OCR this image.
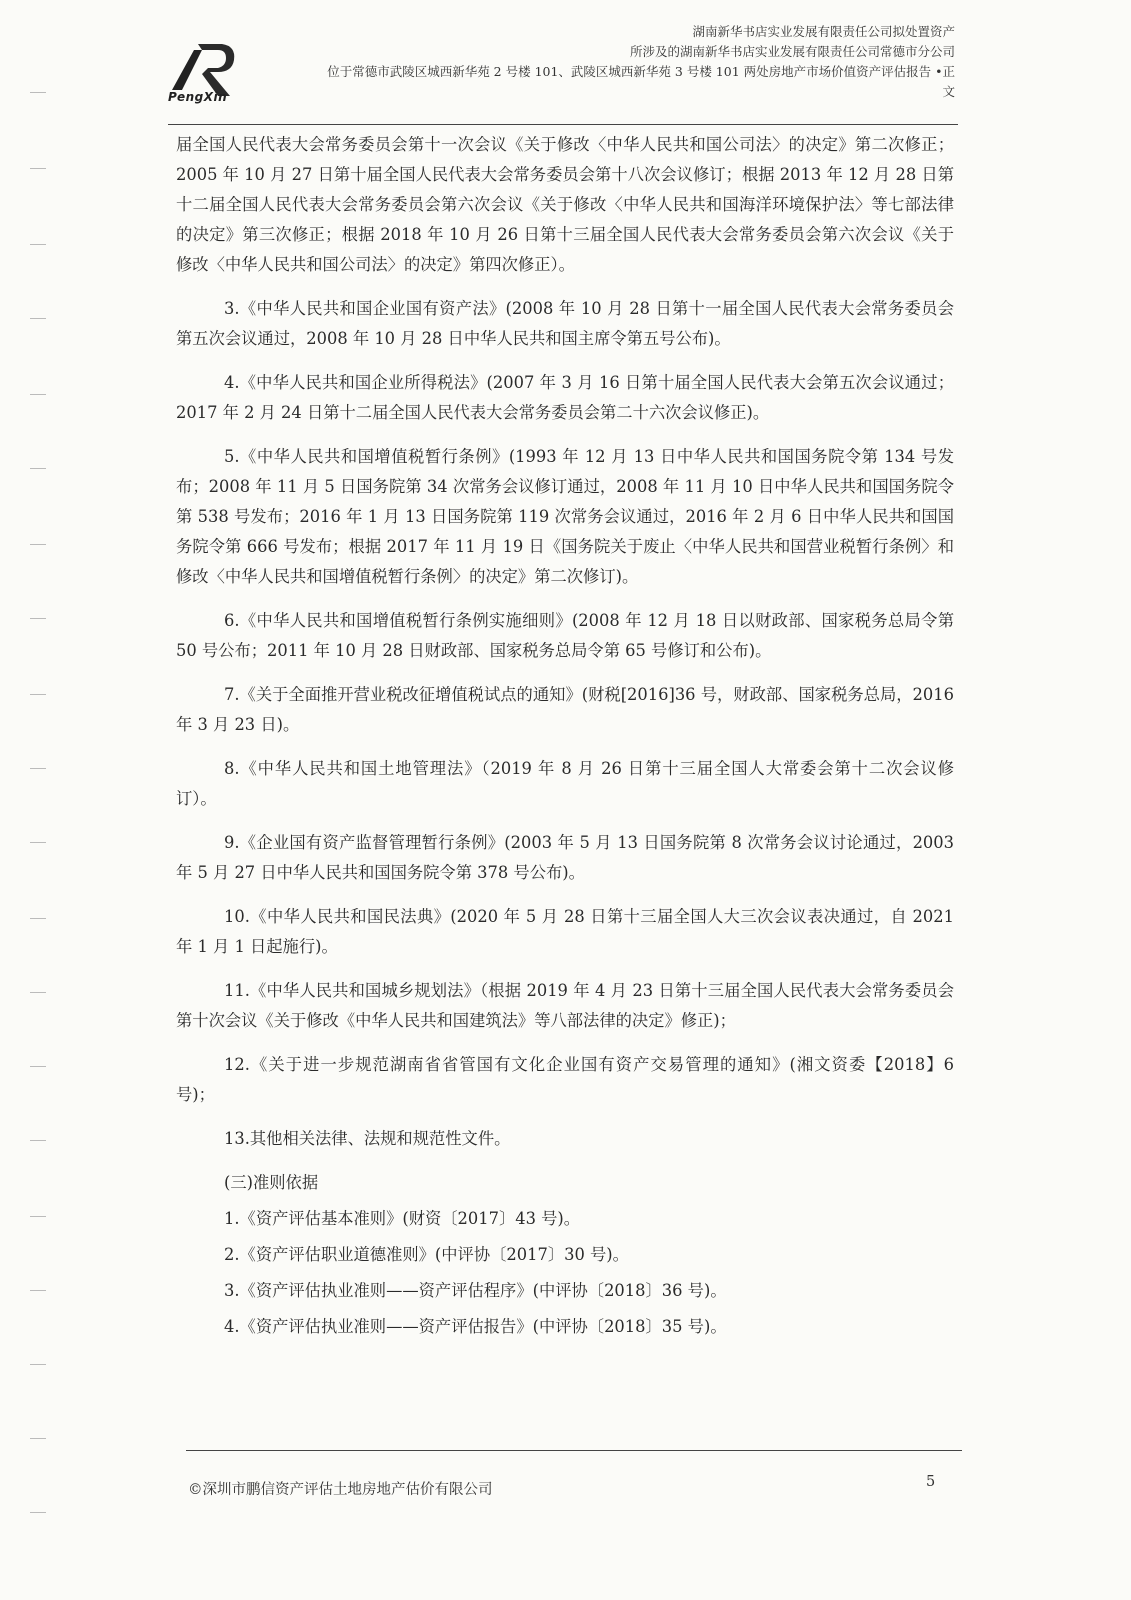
PengXin
湖南新华书店实业发展有限责任公司拟处置资产
所涉及的湖南新华书店实业发展有限责任公司常德市分公司
位于常德市武陵区城西新华苑 2 号楼 101、武陵区城西新华苑 3 号楼 101 两处房地产市场价值资产评估报告 •正
文

届全国人民代表大会常务委员会第十一次会议《关于修改〈中华人民共和国公司法〉的决定》第二次修正；2005 年 10 月 27 日第十届全国人民代表大会常务委员会第十八次会议修订；根据 2013 年 12 月 28 日第十二届全国人民代表大会常务委员会第六次会议《关于修改〈中华人民共和国海洋环境保护法〉等七部法律的决定》第三次修正；根据 2018 年 10 月 26 日第十三届全国人民代表大会常务委员会第六次会议《关于修改〈中华人民共和国公司法〉的决定》第四次修正）。

3.《中华人民共和国企业国有资产法》(2008 年 10 月 28 日第十一届全国人民代表大会常务委员会第五次会议通过，2008 年 10 月 28 日中华人民共和国主席令第五号公布)。

4.《中华人民共和国企业所得税法》(2007 年 3 月 16 日第十届全国人民代表大会第五次会议通过；2017 年 2 月 24 日第十二届全国人民代表大会常务委员会第二十六次会议修正)。

5.《中华人民共和国增值税暂行条例》(1993 年 12 月 13 日中华人民共和国国务院令第 134 号发布；2008 年 11 月 5 日国务院第 34 次常务会议修订通过，2008 年 11 月 10 日中华人民共和国国务院令第 538 号发布；2016 年 1 月 13 日国务院第 119 次常务会议通过，2016 年 2 月 6 日中华人民共和国国务院令第 666 号发布；根据 2017 年 11 月 19 日《国务院关于废止〈中华人民共和国营业税暂行条例〉和修改〈中华人民共和国增值税暂行条例〉的决定》第二次修订)。

6.《中华人民共和国增值税暂行条例实施细则》(2008 年 12 月 18 日以财政部、国家税务总局令第 50 号公布；2011 年 10 月 28 日财政部、国家税务总局令第 65 号修订和公布)。

7.《关于全面推开营业税改征增值税试点的通知》(财税[2016]36 号，财政部、国家税务总局，2016 年 3 月 23 日)。

8.《中华人民共和国土地管理法》（2019 年 8 月 26 日第十三届全国人大常委会第十二次会议修订）。

9.《企业国有资产监督管理暂行条例》(2003 年 5 月 13 日国务院第 8 次常务会议讨论通过，2003 年 5 月 27 日中华人民共和国国务院令第 378 号公布)。

10.《中华人民共和国民法典》(2020 年 5 月 28 日第十三届全国人大三次会议表决通过，自 2021 年 1 月 1 日起施行)。

11.《中华人民共和国城乡规划法》（根据 2019 年 4 月 23 日第十三届全国人民代表大会常务委员会第十次会议《关于修改《中华人民共和国建筑法》等八部法律的决定》修正)；

12.《关于进一步规范湖南省省管国有文化企业国有资产交易管理的通知》(湘文资委【2018】6 号)；

13.其他相关法律、法规和规范性文件。

(三)准则依据

1.《资产评估基本准则》(财资〔2017〕43 号)。

2.《资产评估职业道德准则》(中评协〔2017〕30 号)。

3.《资产评估执业准则——资产评估程序》(中评协〔2018〕36 号)。

4.《资产评估执业准则——资产评估报告》(中评协〔2018〕35 号)。

©深圳市鹏信资产评估土地房地产估价有限公司	5
